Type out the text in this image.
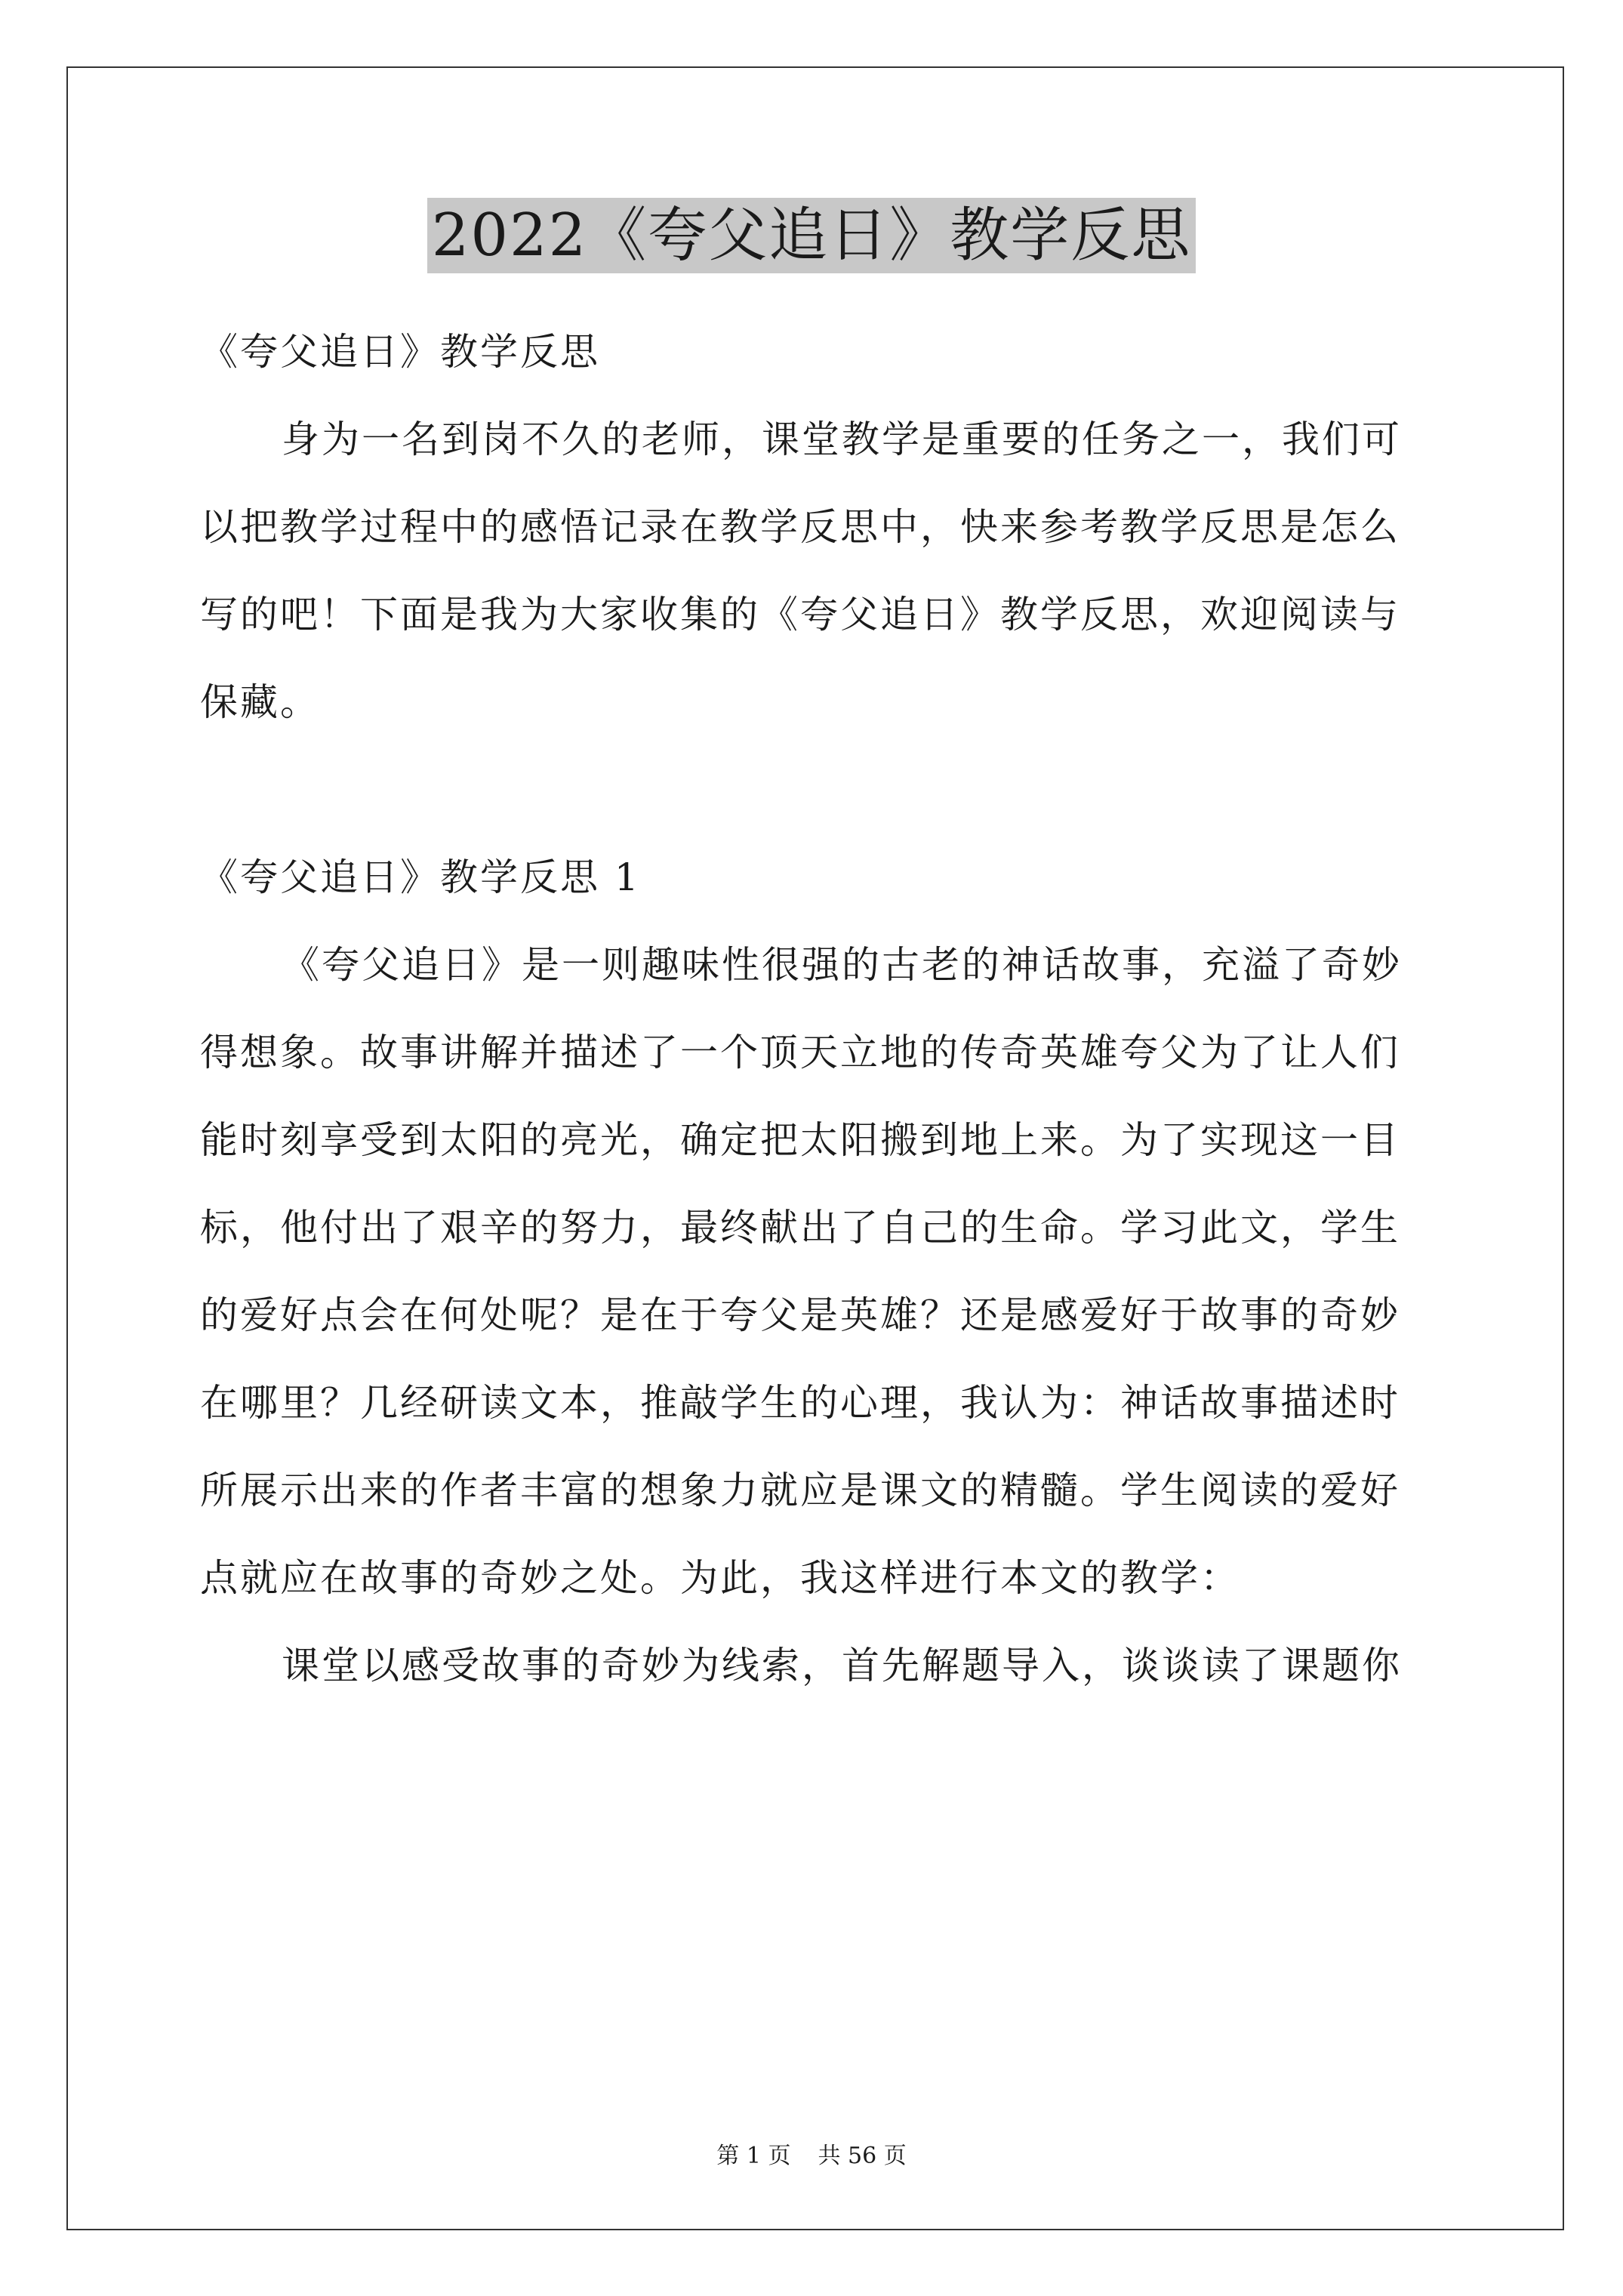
2022《夸父追日》教学反思
《夸父追日》教学反思
身为一名到岗不久的老师，课堂教学是重要的任务之一，我们可
以把教学过程中的感悟记录在教学反思中，快来参考教学反思是怎么
写的吧！下面是我为大家收集的《夸父追日》教学反思，欢迎阅读与
保藏。
《夸父追日》教学反思 1
《夸父追日》是一则趣味性很强的古老的神话故事，充溢了奇妙
得想象。故事讲解并描述了一个顶天立地的传奇英雄夸父为了让人们
能时刻享受到太阳的亮光，确定把太阳搬到地上来。为了实现这一目
标，他付出了艰辛的努力，最终献出了自己的生命。学习此文，学生
的爱好点会在何处呢？是在于夸父是英雄？还是感爱好于故事的奇妙
在哪里？几经研读文本，推敲学生的心理，我认为：神话故事描述时
所展示出来的作者丰富的想象力就应是课文的精髓。学生阅读的爱好
点就应在故事的奇妙之处。为此，我这样进行本文的教学：
课堂以感受故事的奇妙为线索，首先解题导入，谈谈读了课题你
第 1 页 共 56 页
